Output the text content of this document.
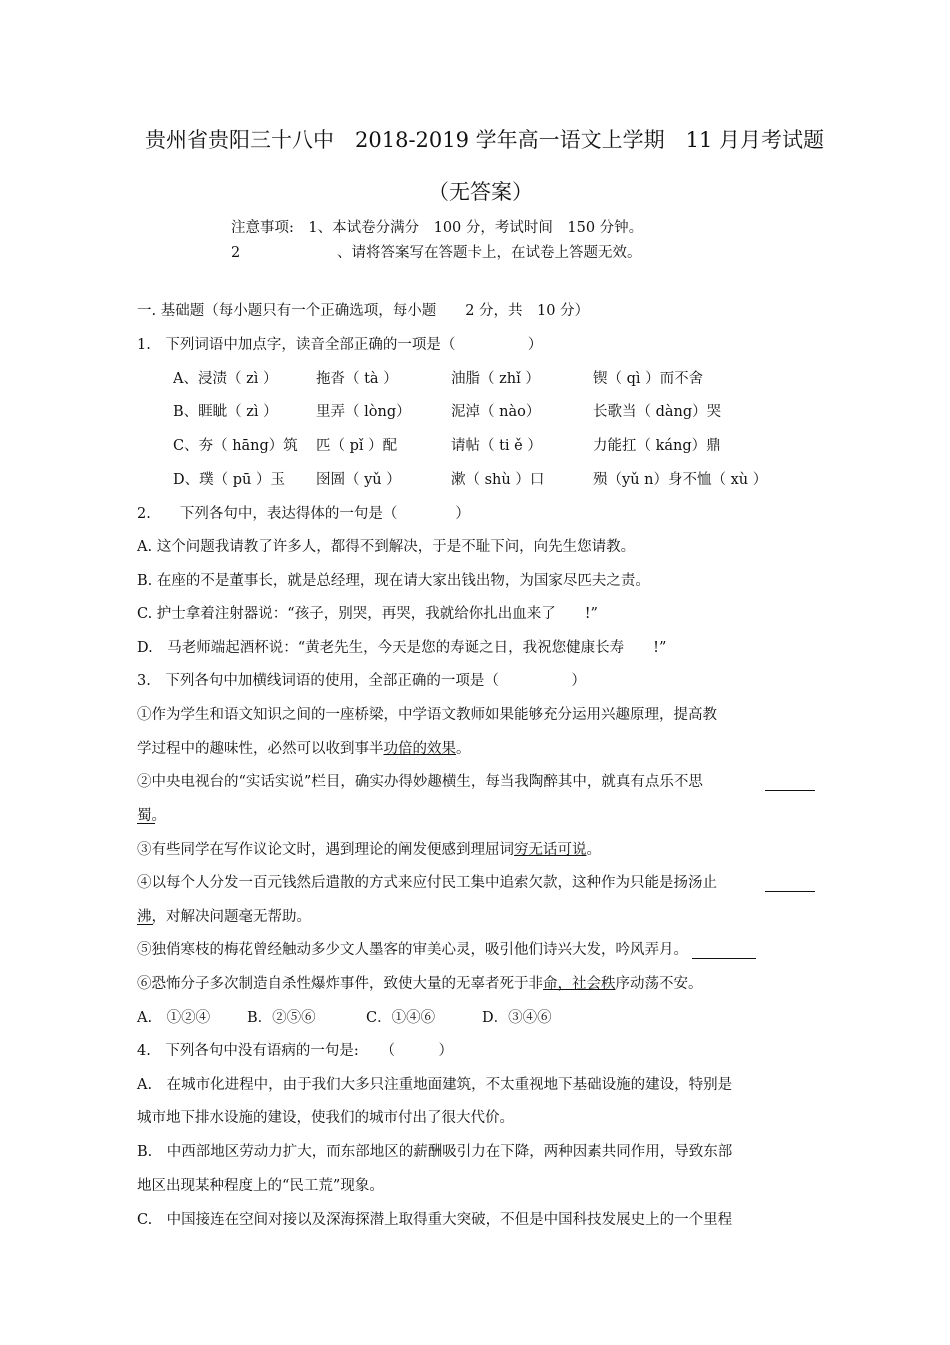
贵州省贵阳三十八中　2018-2019 学年高一语文上学期　11 月月考试题
（无答案）
注意事项:　1、本试卷分满分　100 分，考试时间　150 分钟。
2	、请将答案写在答题卡上，在试卷上答题无效。
一. 基础题（每小题只有一个正确选项，每小题　　2 分，共　10 分）
1.　下列词语中加点字，读音全部正确的一项是（　　　　　）
A、浸渍（ zì ）	拖沓（ tà ）	油脂（ zhǐ ）	锲（ qì ）而不舍
B、睚眦（ zì ）	里弄（ lòng）	泥淖（ nào）	长歌当（ dàng）哭
C、夯（ hāng）筑 匹（ pǐ ）配	请帖（ ti ě ）	力能扛（ káng）鼎
D、璞（ pū ）玉 囹圄（ yǔ ）	漱（ shù ）口	殒（yǔ n）身不恤（ xù ）
2.　　下列各句中，表达得体的一句是（　　　　）
A. 这个问题我请教了许多人，都得不到解决，于是不耻下问，向先生您请教。
B. 在座的不是董事长，就是总经理，现在请大家出钱出物，为国家尽匹夫之责。
C. 护士拿着注射器说：“孩子，别哭，再哭，我就给你扎出血来了　　!”
D.　马老师端起酒杯说：“黄老先生，今天是您的寿诞之日，我祝您健康长寿　　!”
3.　下列各句中加横线词语的使用，全部正确的一项是（　　　　　）
①作为学生和语文知识之间的一座桥梁，中学语文教师如果能够充分运用兴趣原理，提高教
学过程中的趣味性，必然可以收到事半功倍的效果。
②中央电视台的“实话实说”栏目，确实办得妙趣横生，每当我陶醉其中，就真有点乐不思
蜀。
③有些同学在写作议论文时，遇到理论的阐发便感到理屈词穷无话可说。
④以每个人分发一百元钱然后遣散的方式来应付民工集中追索欠款，这种作为只能是扬汤止
沸，对解决问题毫无帮助。
⑤独俏寒枝的梅花曾经触动多少文人墨客的审美心灵，吸引他们诗兴大发，吟风弄月。
⑥恐怖分子多次制造自杀性爆炸事件，致使大量的无辜者死于非命，社会秩序动荡不安。
A.　①②④	B．②⑤⑥	C．①④⑥	D．③④⑥
4.　下列各句中没有语病的一句是:　　（　　　）
A.　在城市化进程中，由于我们大多只注重地面建筑，不太重视地下基础设施的建设，特别是
城市地下排水设施的建设，使我们的城市付出了很大代价。
B.　中西部地区劳动力扩大，而东部地区的薪酬吸引力在下降，两种因素共同作用，导致东部
地区出现某种程度上的“民工荒”现象。
C.　中国接连在空间对接以及深海探潜上取得重大突破，不但是中国科技发展史上的一个里程
